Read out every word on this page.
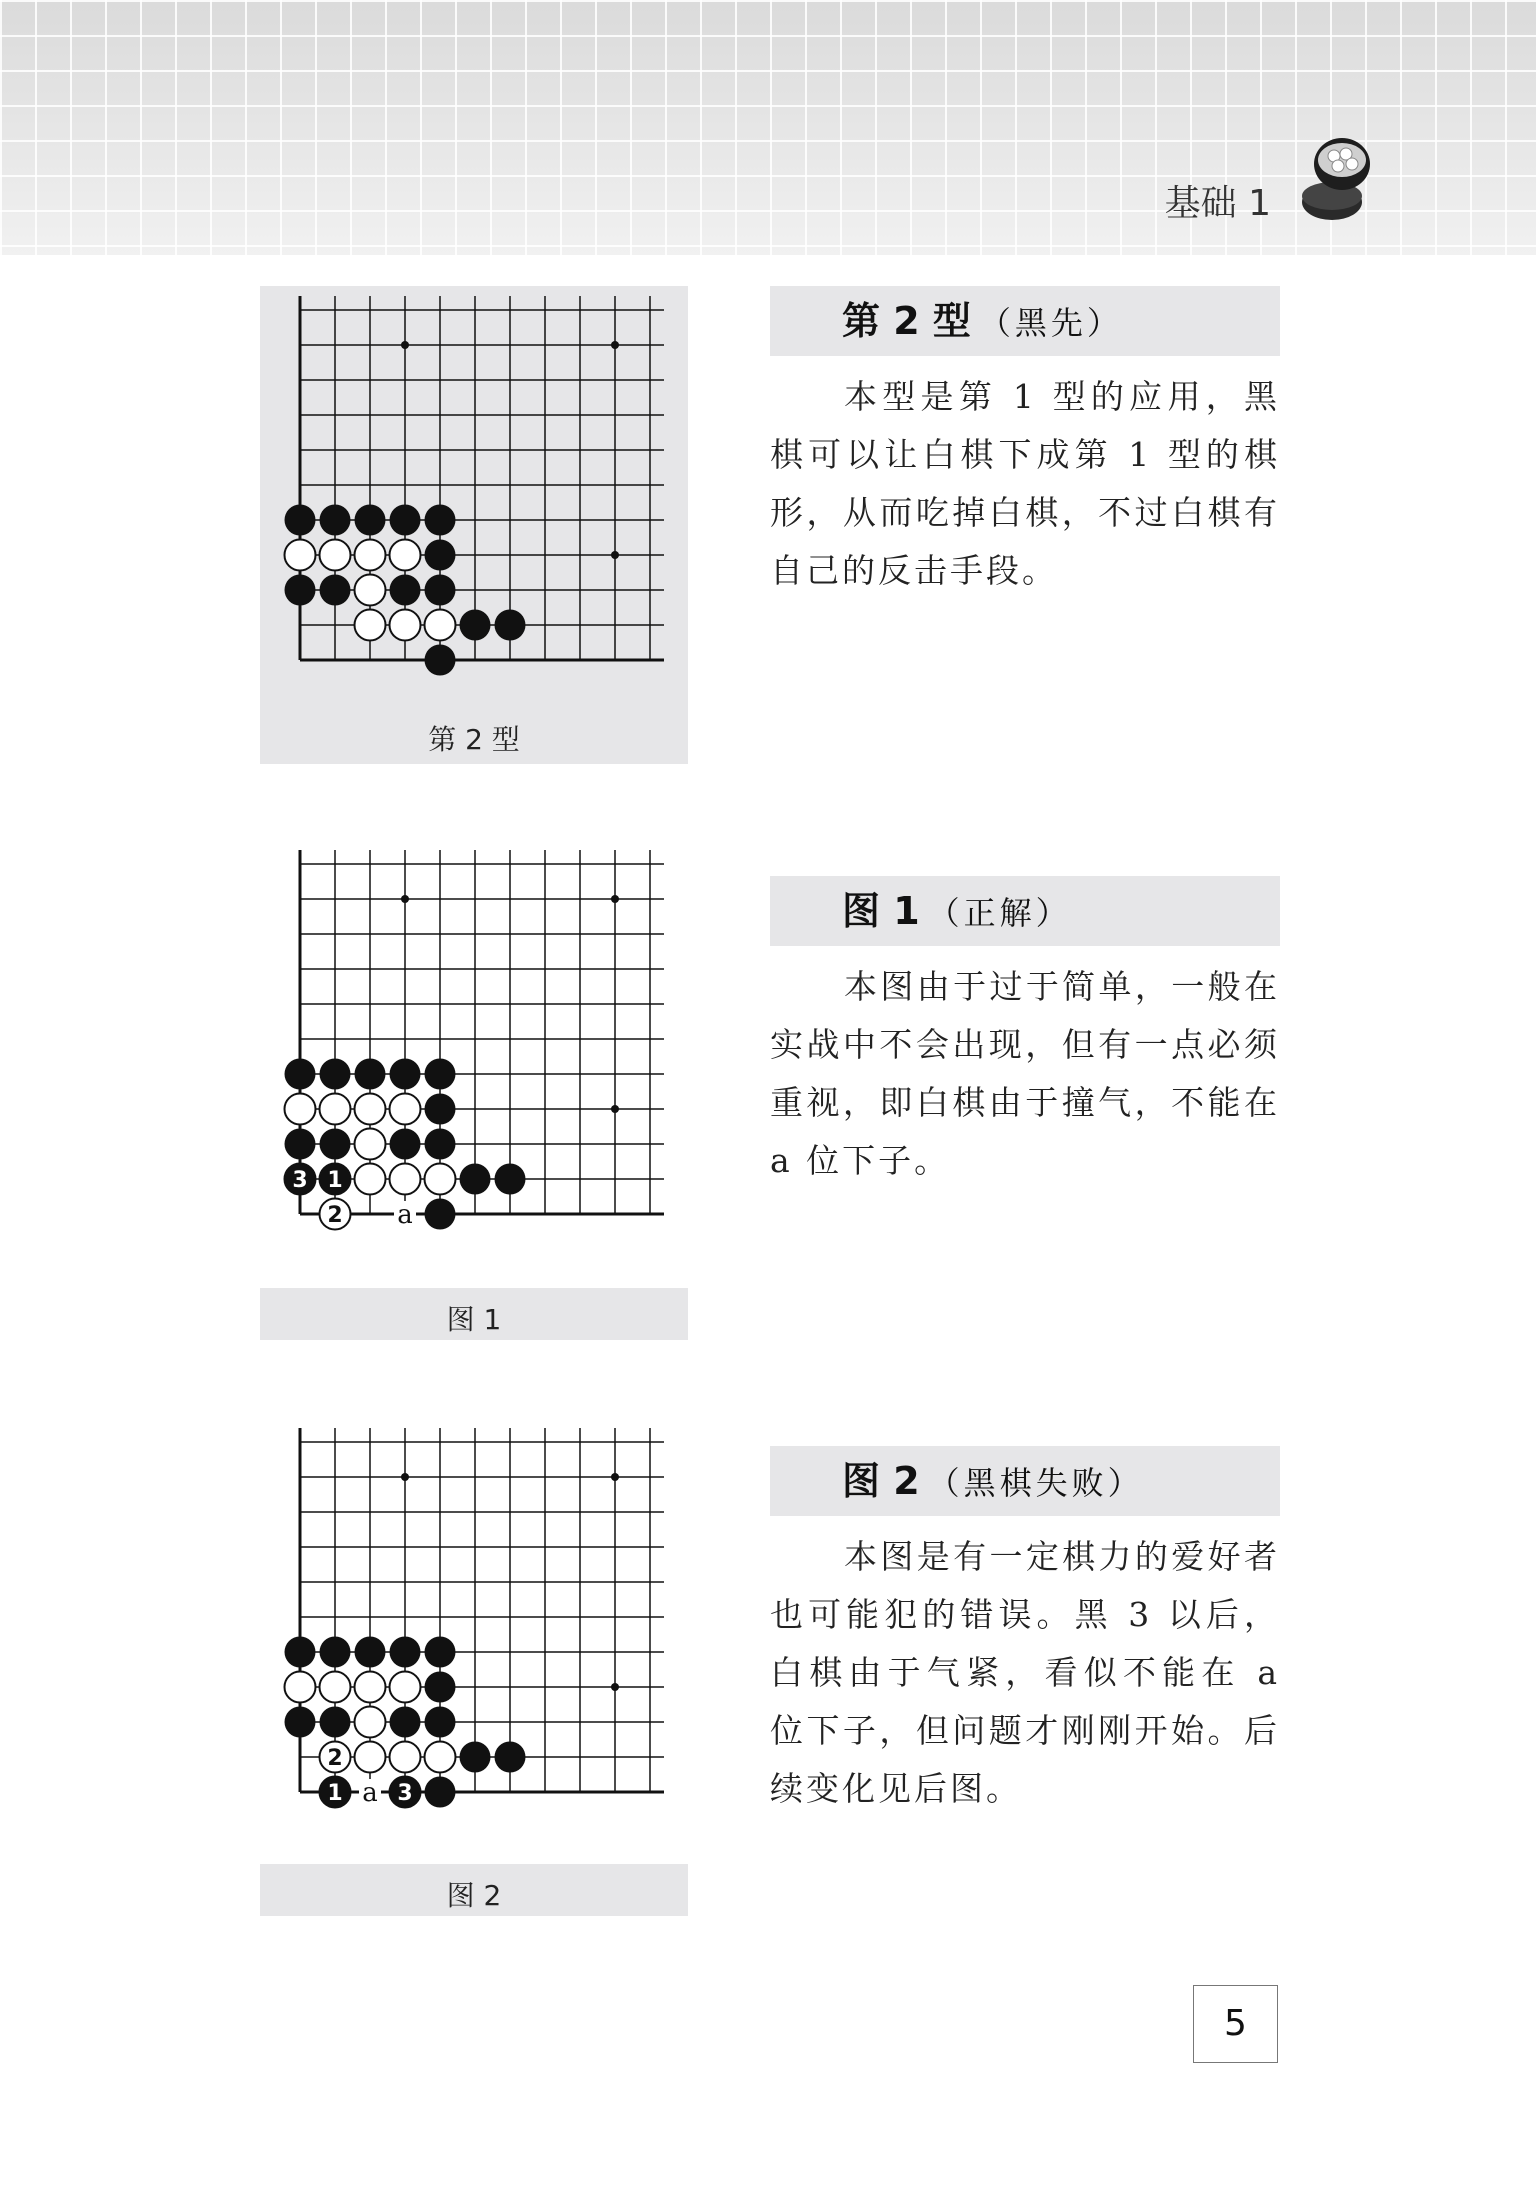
基础 1
第 2 型
第 2 型 （黑先）
本型是第 1 型的应用，黑棋可以让白棋下成第 1 型的棋形，从而吃掉白棋，不过白棋有自己的反击手段。
3 1
2 a
图 1
图 1 （正解）
本图由于过于简单，一般在实战中不会出现，但有一点必须重视，即白棋由于撞气，不能在 a 位下子。
2
1 a 3
图 2
图 2 （黑棋失败）
本图是有一定棋力的爱好者也可能犯的错误。黑 3 以后，白棋由于气紧，看似不能在 a 位下子，但问题才刚刚开始。后续变化见后图。
5
